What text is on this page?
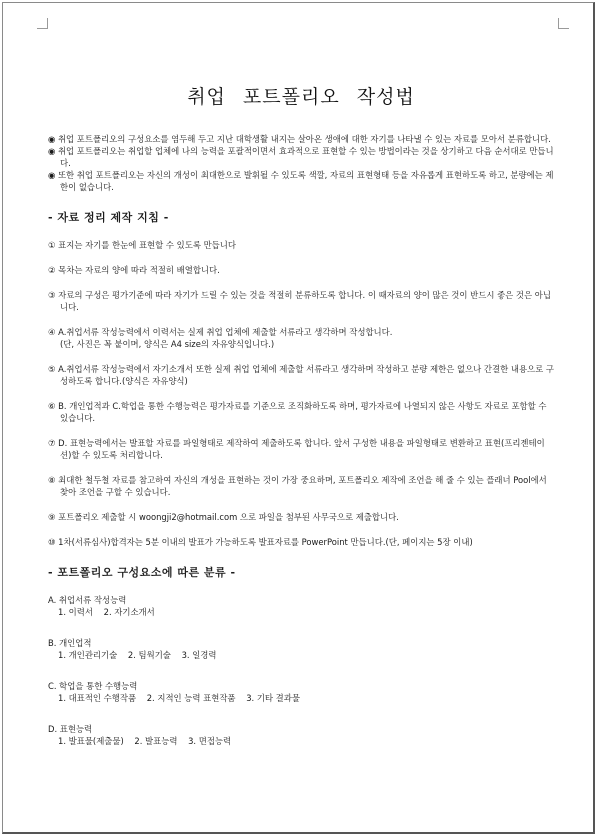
취업 포트폴리오 작성법

◉ 취업 포트폴리오의 구성요소를 염두해 두고 지난 대학생활 내지는 살아온 생애에 대한 자기를 나타낼 수 있는 자료를 모아서 분류합니다.

◉ 취업 포트폴리오는 취업할 업체에 나의 능력을 포괄적이면서 효과적으로 표현할 수 있는 방법이라는 것을 상기하고 다음 순서대로 만듭니다.

◉ 또한 취업 포트폴리오는 자신의 개성이 최대한으로 발휘될 수 있도록 색깔, 자료의 표현형태 등을 자유롭게 표현하도록 하고, 분량에는 제한이 없습니다.

- 자료 정리 제작 지침 -

① 표지는 자기를 한눈에 표현할 수 있도록 만듭니다

② 목차는 자료의 양에 따라 적절히 배열합니다.

③ 자료의 구성은 평가기준에 따라 자기가 드릴 수 있는 것을 적절히 분류하도록 합니다. 이 때자료의 양이 많은 것이 반드시 좋은 것은 아닙니다.

④ A.취업서류 작성능력에서 이력서는 실제 취업 업체에 제출할 서류라고 생각하며 작성합니다.
(단, 사진은 꼭 붙이며, 양식은 A4 size의 자유양식입니다.)

⑤ A.취업서류 작성능력에서 자기소개서 또한 실제 취업 업체에 제출할 서류라고 생각하며 작성하고 분량 제한은 없으나 간결한 내용으로 구성하도록 합니다.(양식은 자유양식)

⑥ B. 개인업적과 C.학업을 통한 수행능력은 평가자료를 기준으로 조직화하도록 하며, 평가자료에 나열되지 않은 사항도 자료로 포함할 수 있습니다.

⑦ D. 표현능력에서는 발표할 자료를 파일형태로 제작하여 제출하도록 합니다. 앞서 구성한 내용을 파일형태로 변환하고 표현(프리젠테이션)할 수 있도록 처리합니다.

⑧ 최대한 철두철 자료를 참고하여 자신의 개성을 표현하는 것이 가장 중요하며, 포트폴리오 제작에 조언을 해 줄 수 있는 플래너 Pool에서 찾아 조언을 구할 수 있습니다.

⑨ 포트폴리오 제출할 시 woongji2@hotmail.com 으로 파일을 첨부된 사무국으로 제출합니다.

⑩ 1차(서류심사)합격자는 5분 이내의 발표가 가능하도록 발표자료를 PowerPoint 만듭니다.(단, 페이지는 5장 이내)

- 포트폴리오 구성요소에 따른 분류 -
A. 취업서류 작성능력
1. 이력서 2. 자기소개서
B. 개인업적
1. 개인관리기술 2. 팀웍기술 3. 일경력
C. 학업을 통한 수행능력
1. 대표적인 수행작품 2. 지적인 능력 표현작품 3. 기타 결과물
D. 표현능력
1. 발표물(제출물) 2. 발표능력 3. 면접능력
